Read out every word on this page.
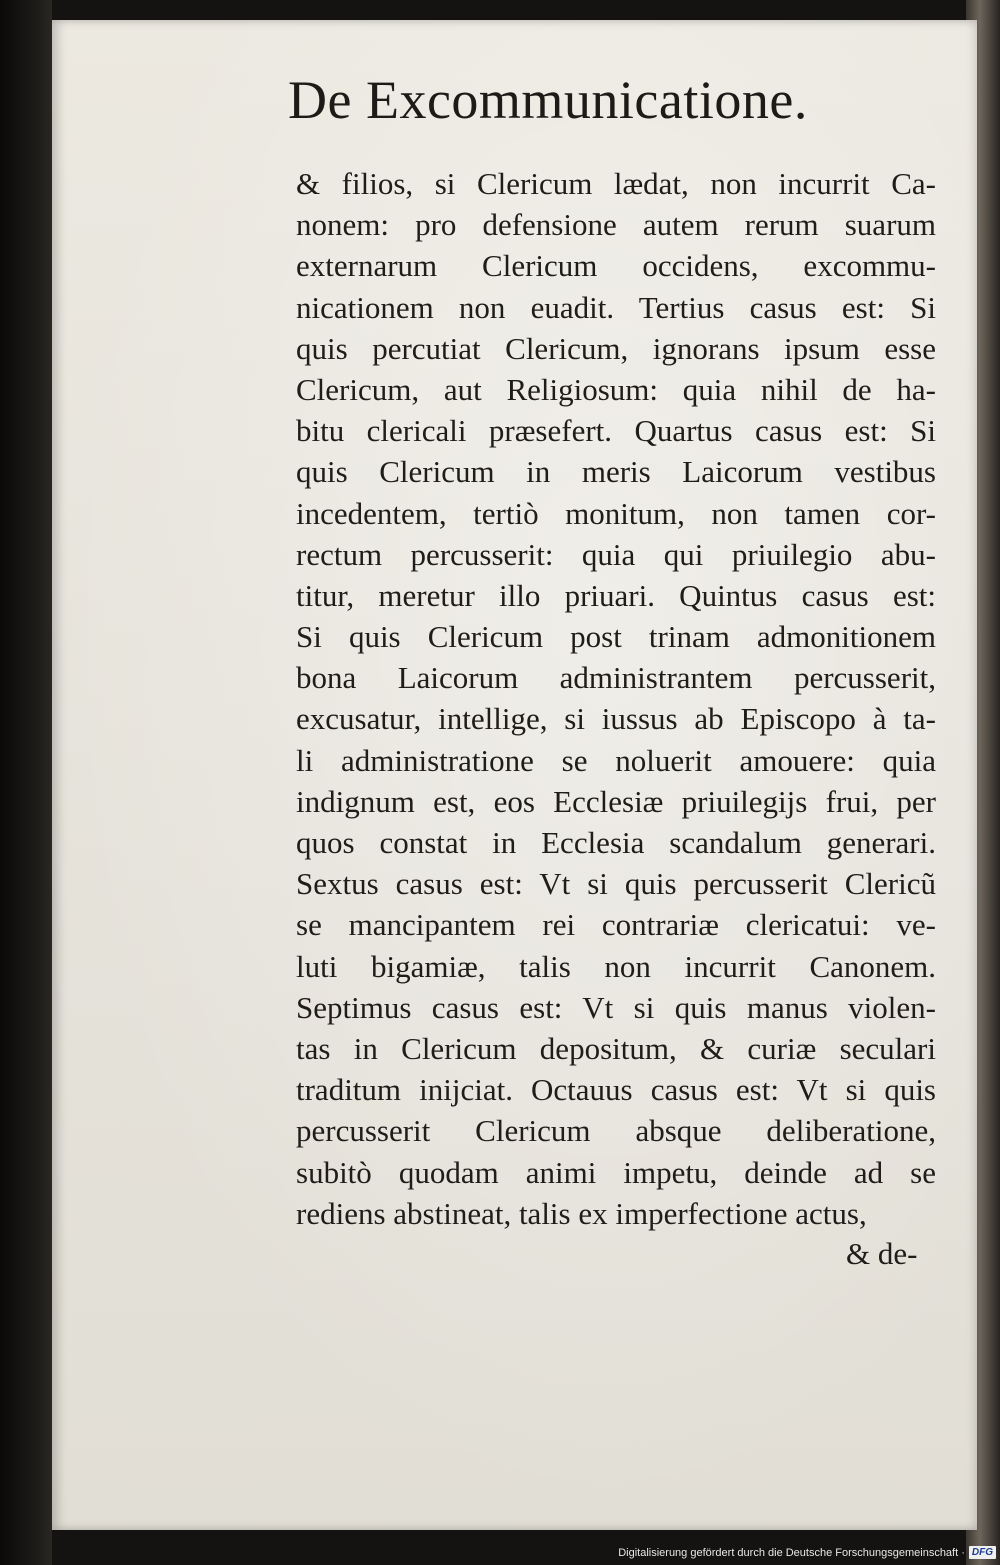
De Excommunicatione.
& filios, si Clericum lædat, non incurrit Ca-
nonem: pro defensione autem rerum suarum
externarum Clericum occidens, excommu-
nicationem non euadit. Tertius casus est: Si
quis percutiat Clericum, ignorans ipsum esse
Clericum, aut Religiosum: quia nihil de ha-
bitu clericali præsefert. Quartus casus est: Si
quis Clericum in meris Laicorum vestibus
incedentem, tertiò monitum, non tamen cor-
rectum percusserit: quia qui priuilegio abu-
titur, meretur illo priuari. Quintus casus est:
Si quis Clericum post trinam admonitionem
bona Laicorum administrantem percusserit,
excusatur, intellige, si iussus ab Episcopo à ta-
li administratione se noluerit amouere: quia
indignum est, eos Ecclesiæ priuilegijs frui, per
quos constat in Ecclesia scandalum generari.
Sextus casus est: Vt si quis percusserit Clericũ
se mancipantem rei contrariæ clericatui: ve-
luti bigamiæ, talis non incurrit Canonem.
Septimus casus est: Vt si quis manus violen-
tas in Clericum depositum, & curiæ seculari
traditum inijciat. Octauus casus est: Vt si quis
percusserit Clericum absque deliberatione,
subitò quodam animi impetu, deinde ad se
rediens abstineat, talis ex imperfectione actus,
& de-
Digitalisierung gefördert durch die Deutsche Forschungsgemeinschaft · DFG
